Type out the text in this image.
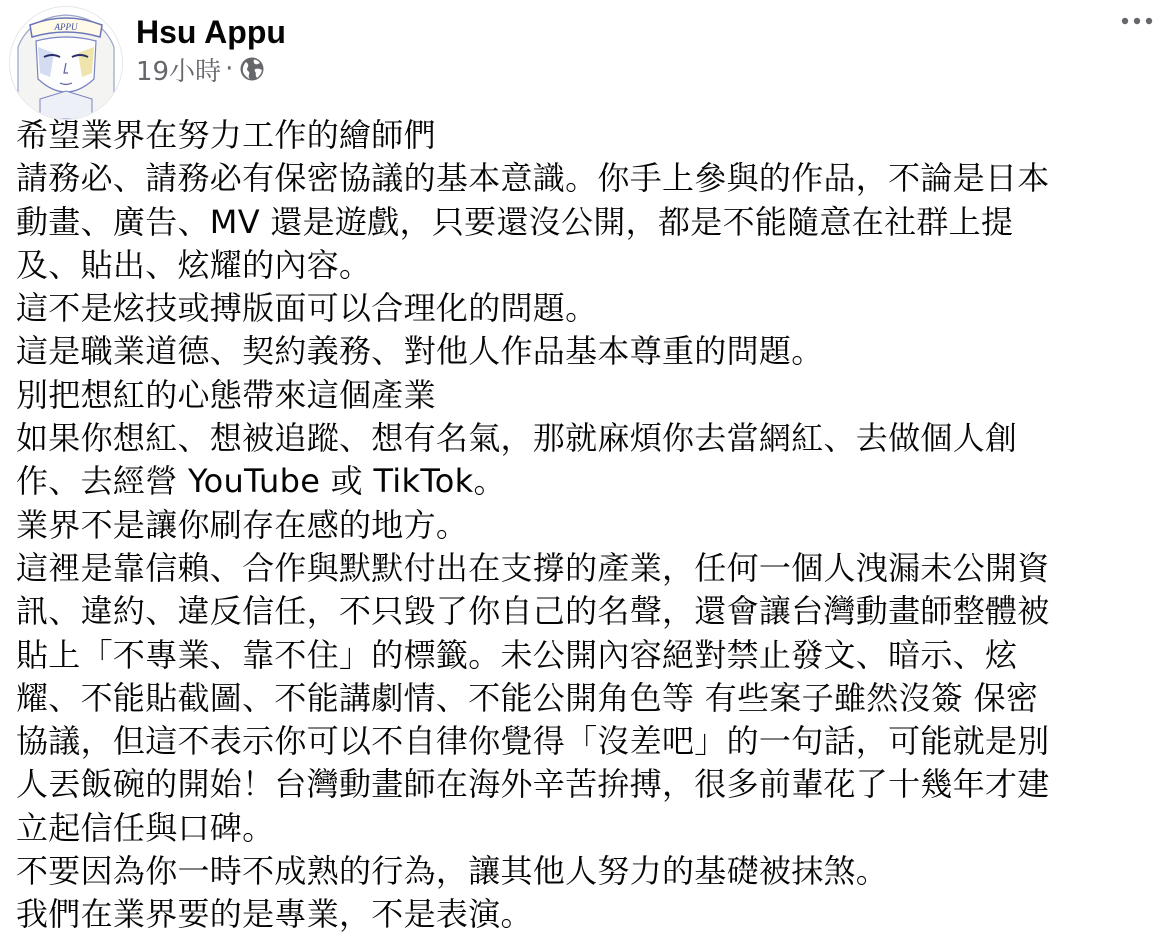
APPU Hsu Appu
19小時 ·
希望業界在努力工作的繪師們
請務必、請務必有保密協議的基本意識。你手上參與的作品，不論是日本
動畫、廣告、MV 還是遊戲，只要還沒公開，都是不能隨意在社群上提
及、貼出、炫耀的內容。
這不是炫技或搏版面可以合理化的問題。
這是職業道德、契約義務、對他人作品基本尊重的問題。
別把想紅的心態帶來這個產業
如果你想紅、想被追蹤、想有名氣，那就麻煩你去當網紅、去做個人創
作、去經營 YouTube 或 TikTok。
業界不是讓你刷存在感的地方。
這裡是靠信賴、合作與默默付出在支撐的產業，任何一個人洩漏未公開資
訊、違約、違反信任，不只毀了你自己的名聲，還會讓台灣動畫師整體被
貼上「不專業、靠不住」的標籤。未公開內容絕對禁止發文、暗示、炫
耀、不能貼截圖、不能講劇情、不能公開角色等 有些案子雖然沒簽 保密
協議，但這不表示你可以不自律你覺得「沒差吧」的一句話，可能就是別
人丟飯碗的開始！台灣動畫師在海外辛苦拚搏，很多前輩花了十幾年才建
立起信任與口碑。
不要因為你一時不成熟的行為，讓其他人努力的基礎被抹煞。
我們在業界要的是專業，不是表演。
